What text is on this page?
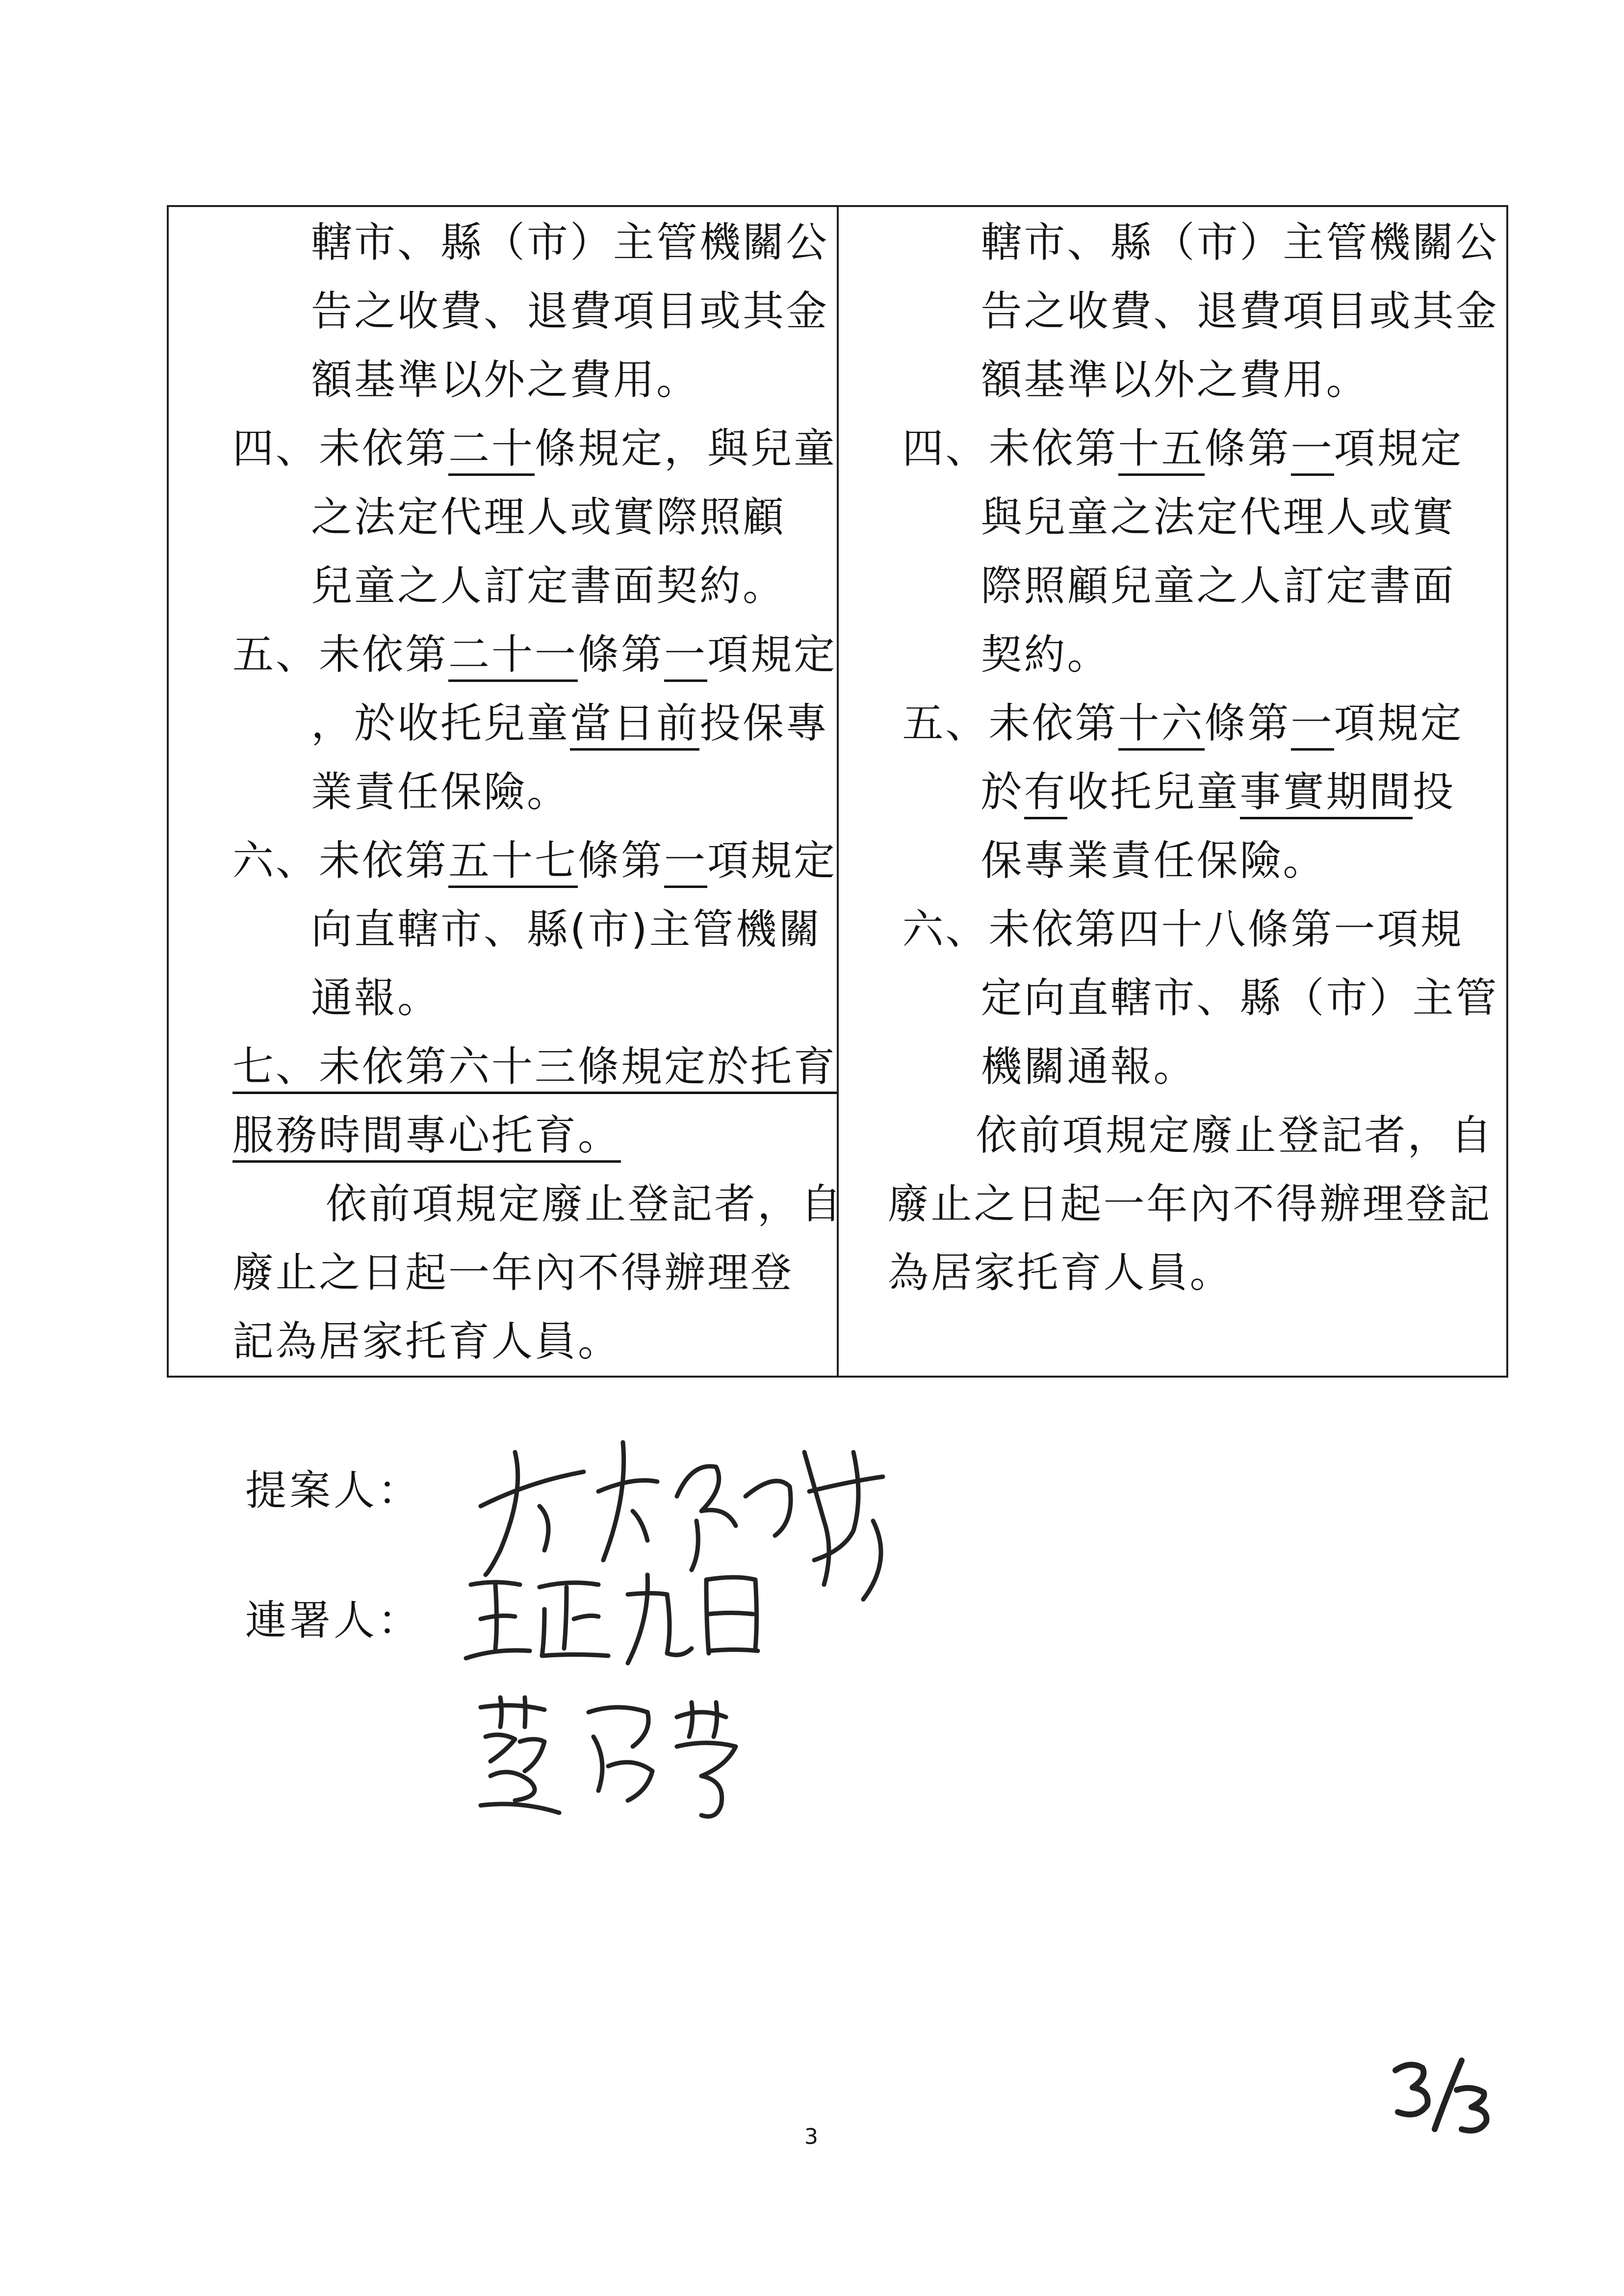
轄市、縣（市）主管機關公
告之收費、退費項目或其金
額基準以外之費用。
四、未依第二十條規定，與兒童
之法定代理人或實際照顧
兒童之人訂定書面契約。
五、未依第二十一條第一項規定
，於收托兒童當日前投保專
業責任保險。
六、未依第五十七條第一項規定
向直轄市、縣(市)主管機關
通報。
七、未依第六十三條規定於托育
服務時間專心托育。
依前項規定廢止登記者，自
廢止之日起一年內不得辦理登
記為居家托育人員。
轄市、縣（市）主管機關公
告之收費、退費項目或其金
額基準以外之費用。
四、未依第十五條第一項規定
與兒童之法定代理人或實
際照顧兒童之人訂定書面
契約。
五、未依第十六條第一項規定
於有收托兒童事實期間投
保專業責任保險。
六、未依第四十八條第一項規
定向直轄市、縣（市）主管
機關通報。
依前項規定廢止登記者，自
廢止之日起一年內不得辦理登記
為居家托育人員。
提案人：
連署人：
3
